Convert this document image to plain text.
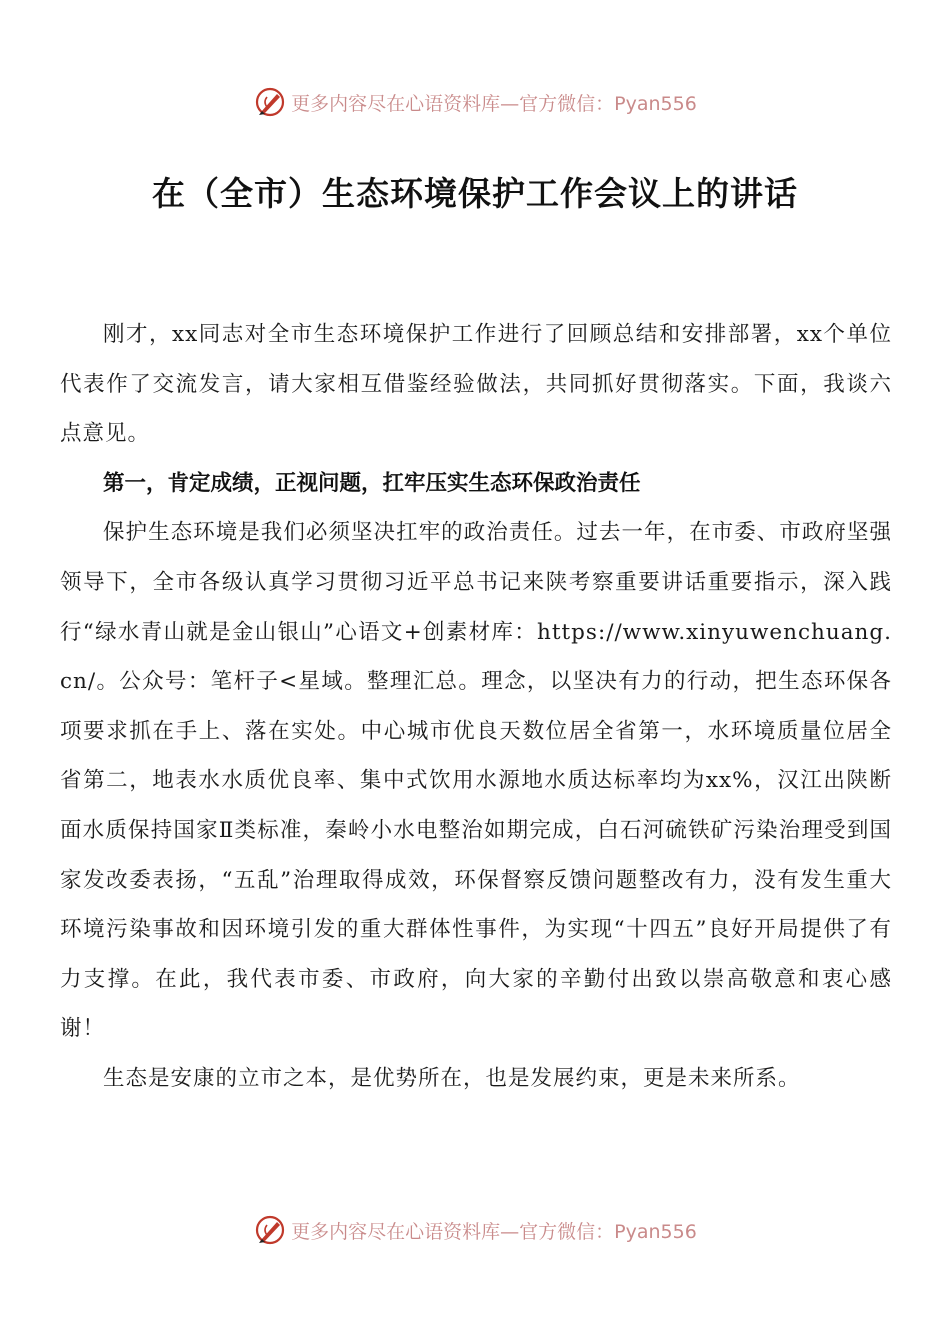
更多内容尽在心语资料库—官方微信：Pyan556
在（全市）生态环境保护工作会议上的讲话

刚才，xx同志对全市生态环境保护工作进行了回顾总结和安排部署，xx个单位代表作了交流发言，请大家相互借鉴经验做法，共同抓好贯彻落实。下面，我谈六点意见。

第一，肯定成绩，正视问题，扛牢压实生态环保政治责任

保护生态环境是我们必须坚决扛牢的政治责任。过去一年，在市委、市政府坚强领导下，全市各级认真学习贯彻习近平总书记来陕考察重要讲话重要指示，深入践行“绿水青山就是金山银山”心语文+创素材库：https://www.xinyuwenchuang.cn/。公众号：笔杆子<星域。整理汇总。理念，以坚决有力的行动，把生态环保各项要求抓在手上、落在实处。中心城市优良天数位居全省第一，水环境质量位居全省第二，地表水水质优良率、集中式饮用水源地水质达标率均为xx%，汉江出陕断面水质保持国家Ⅱ类标准，秦岭小水电整治如期完成，白石河硫铁矿污染治理受到国家发改委表扬，“五乱”治理取得成效，环保督察反馈问题整改有力，没有发生重大环境污染事故和因环境引发的重大群体性事件，为实现“十四五”良好开局提供了有力支撑。在此，我代表市委、市政府，向大家的辛勤付出致以崇高敬意和衷心感谢！

生态是安康的立市之本，是优势所在，也是发展约束，更是未来所系。

更多内容尽在心语资料库—官方微信：Pyan556
